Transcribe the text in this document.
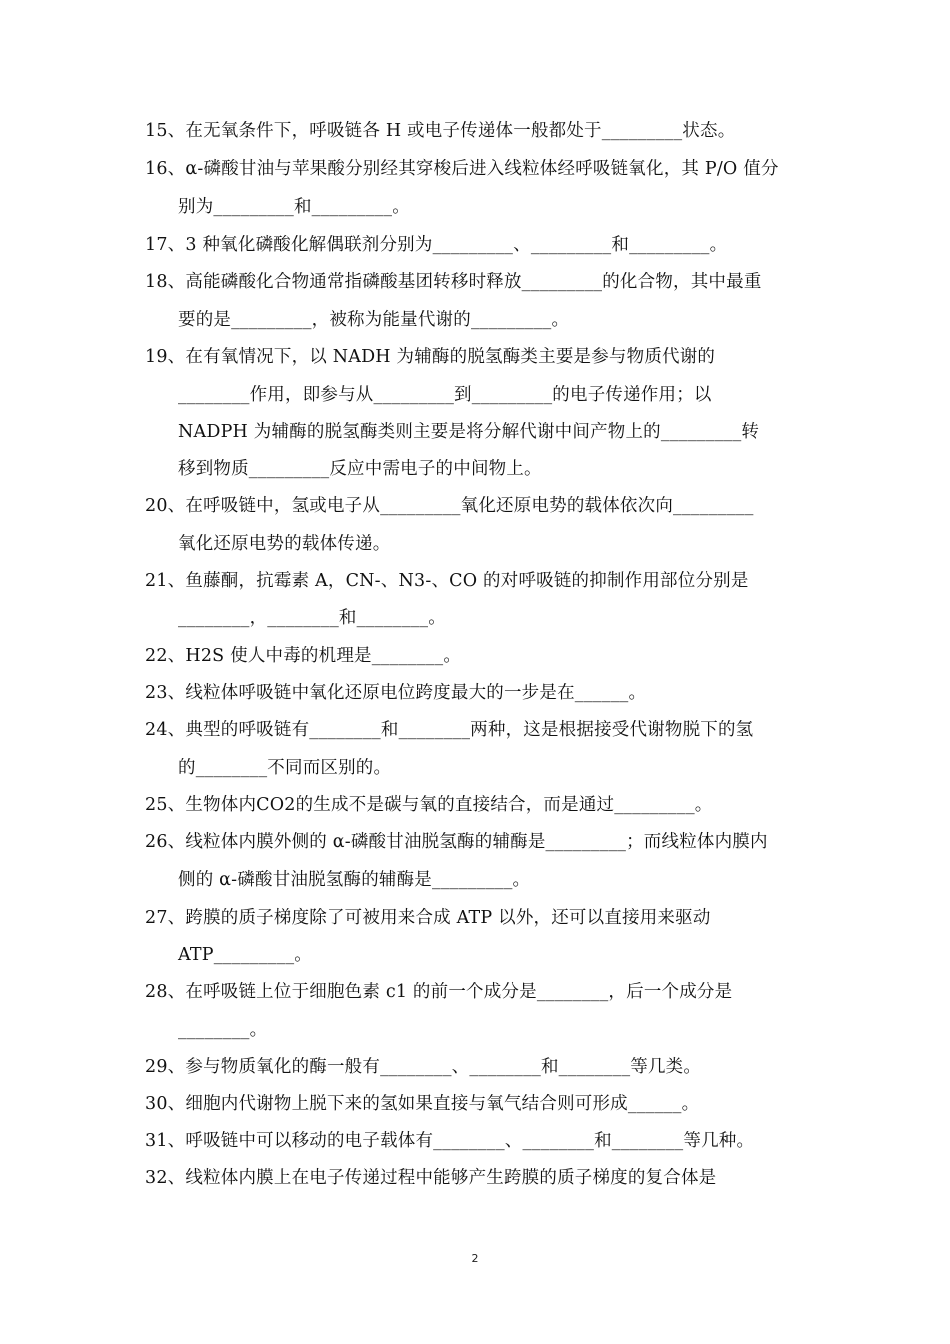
15、在无氧条件下，呼吸链各 H 或电子传递体一般都处于_________状态。
16、α-磷酸甘油与苹果酸分别经其穿梭后进入线粒体经呼吸链氧化，其 P/O 值分
别为_________和_________。
17、3 种氧化磷酸化解偶联剂分别为_________、_________和_________。
18、高能磷酸化合物通常指磷酸基团转移时释放_________的化合物，其中最重
要的是_________，被称为能量代谢的_________。
19、在有氧情况下，以 NADH 为辅酶的脱氢酶类主要是参与物质代谢的
________作用，即参与从_________到_________的电子传递作用；以
NADPH 为辅酶的脱氢酶类则主要是将分解代谢中间产物上的_________转
移到物质_________反应中需电子的中间物上。
20、在呼吸链中，氢或电子从_________氧化还原电势的载体依次向_________
氧化还原电势的载体传递。
21、鱼藤酮，抗霉素 A，CN-、N3-、CO 的对呼吸链的抑制作用部位分别是
________，________和________。
22、H2S 使人中毒的机理是________。
23、线粒体呼吸链中氧化还原电位跨度最大的一步是在______。
24、典型的呼吸链有________和________两种，这是根据接受代谢物脱下的氢
的________不同而区别的。
25、生物体内CO2的生成不是碳与氧的直接结合，而是通过_________。
26、线粒体内膜外侧的 α-磷酸甘油脱氢酶的辅酶是_________；而线粒体内膜内
侧的 α-磷酸甘油脱氢酶的辅酶是_________。
27、跨膜的质子梯度除了可被用来合成 ATP 以外，还可以直接用来驱动
ATP_________。
28、在呼吸链上位于细胞色素 c1 的前一个成分是________，后一个成分是
________。
29、参与物质氧化的酶一般有________、________和________等几类。
30、细胞内代谢物上脱下来的氢如果直接与氧气结合则可形成______。
31、呼吸链中可以移动的电子载体有________、________和________等几种。
32、线粒体内膜上在电子传递过程中能够产生跨膜的质子梯度的复合体是
2
